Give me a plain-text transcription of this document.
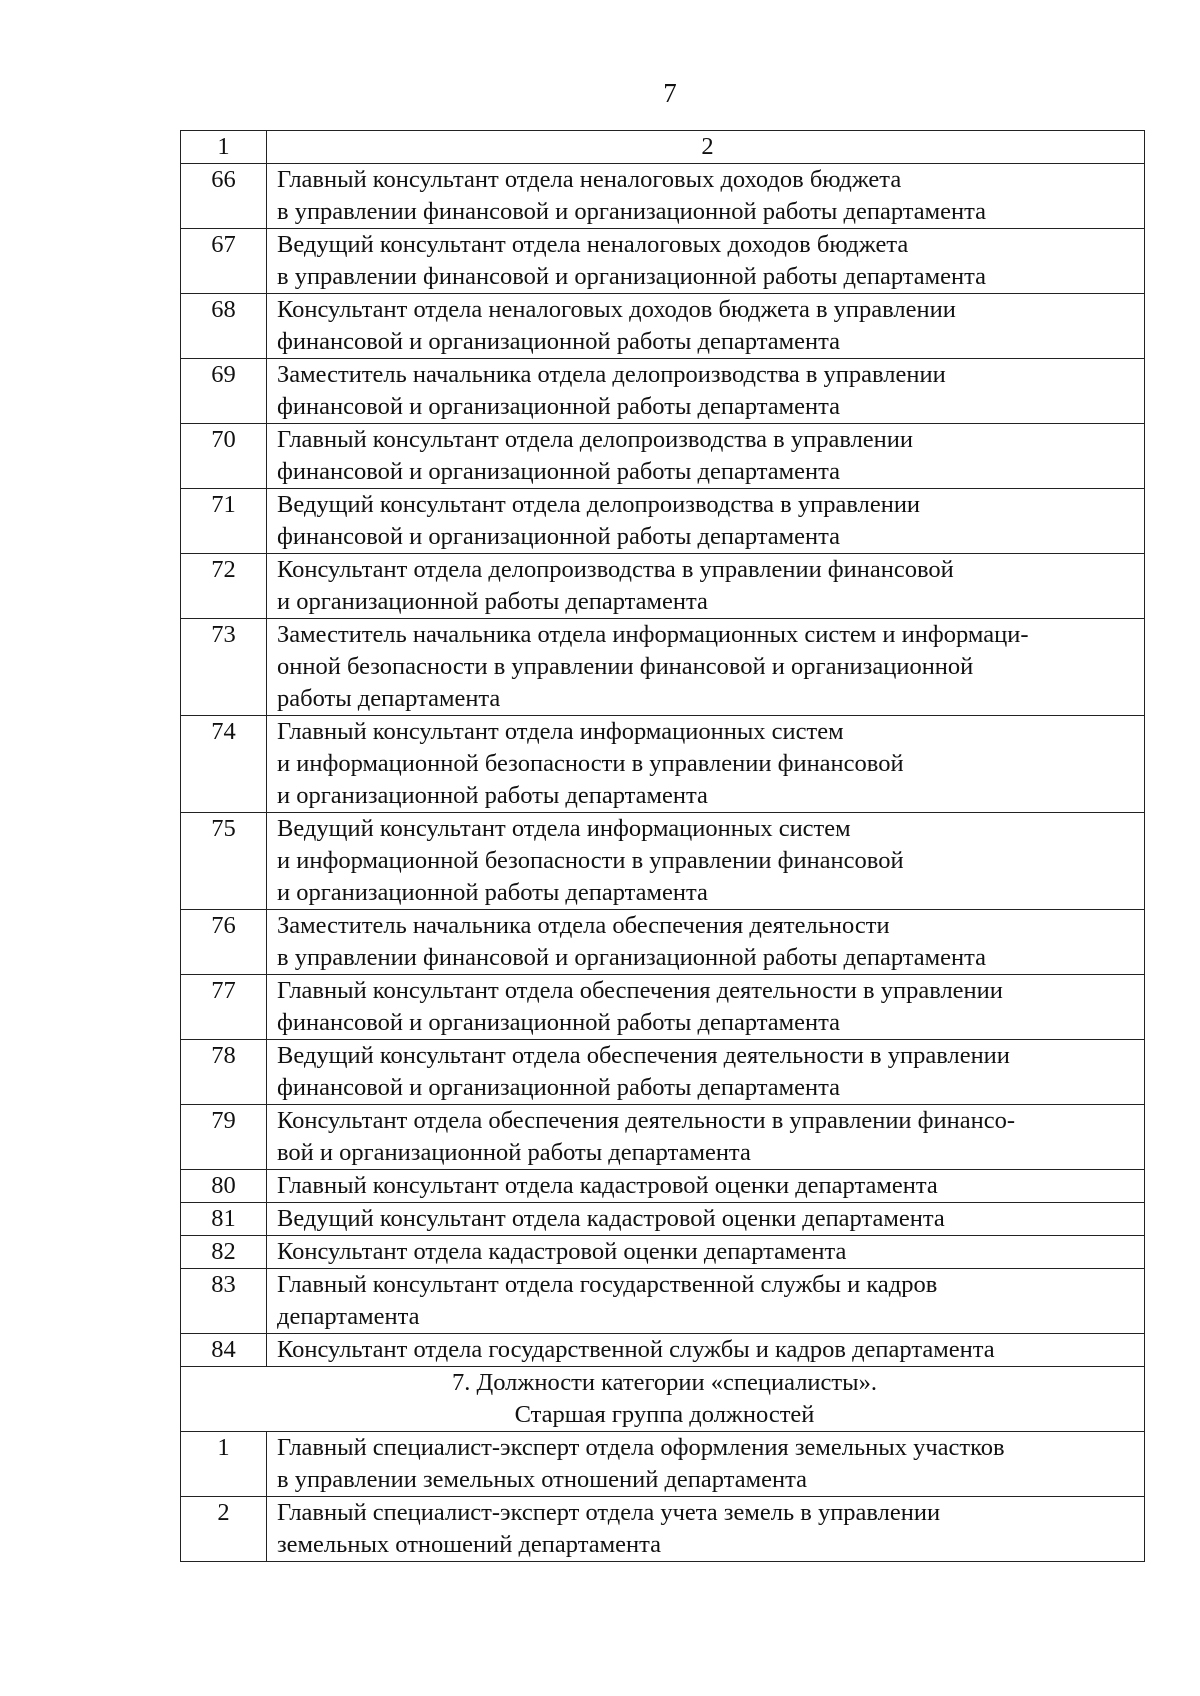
7
1	2
66	Главный консультант отдела неналоговых доходов бюджета
в управлении финансовой и организационной работы департамента
67	Ведущий консультант отдела неналоговых доходов бюджета
в управлении финансовой и организационной работы департамента
68	Консультант отдела неналоговых доходов бюджета в управлении
финансовой и организационной работы департамента
69	Заместитель начальника отдела делопроизводства в управлении
финансовой и организационной работы департамента
70	Главный консультант отдела делопроизводства в управлении
финансовой и организационной работы департамента
71	Ведущий консультант отдела делопроизводства в управлении
финансовой и организационной работы департамента
72	Консультант отдела делопроизводства в управлении финансовой
и организационной работы департамента
73	Заместитель начальника отдела информационных систем и информаци-
онной безопасности в управлении финансовой и организационной
работы департамента
74	Главный консультант отдела информационных систем
и информационной безопасности в управлении финансовой
и организационной работы департамента
75	Ведущий консультант отдела информационных систем
и информационной безопасности в управлении финансовой
и организационной работы департамента
76	Заместитель начальника отдела обеспечения деятельности
в управлении финансовой и организационной работы департамента
77	Главный консультант отдела обеспечения деятельности в управлении
финансовой и организационной работы департамента
78	Ведущий консультант отдела обеспечения деятельности в управлении
финансовой и организационной работы департамента
79	Консультант отдела обеспечения деятельности в управлении финансо-
вой и организационной работы департамента
80	Главный консультант отдела кадастровой оценки департамента
81	Ведущий консультант отдела кадастровой оценки департамента
82	Консультант отдела кадастровой оценки департамента
83	Главный консультант отдела государственной службы и кадров
департамента
84	Консультант отдела государственной службы и кадров департамента
7. Должности категории «специалисты».
Старшая группа должностей	
1	Главный специалист-эксперт отдела оформления земельных участков
в управлении земельных отношений департамента
2	Главный специалист-эксперт отдела учета земель в управлении
земельных отношений департамента
